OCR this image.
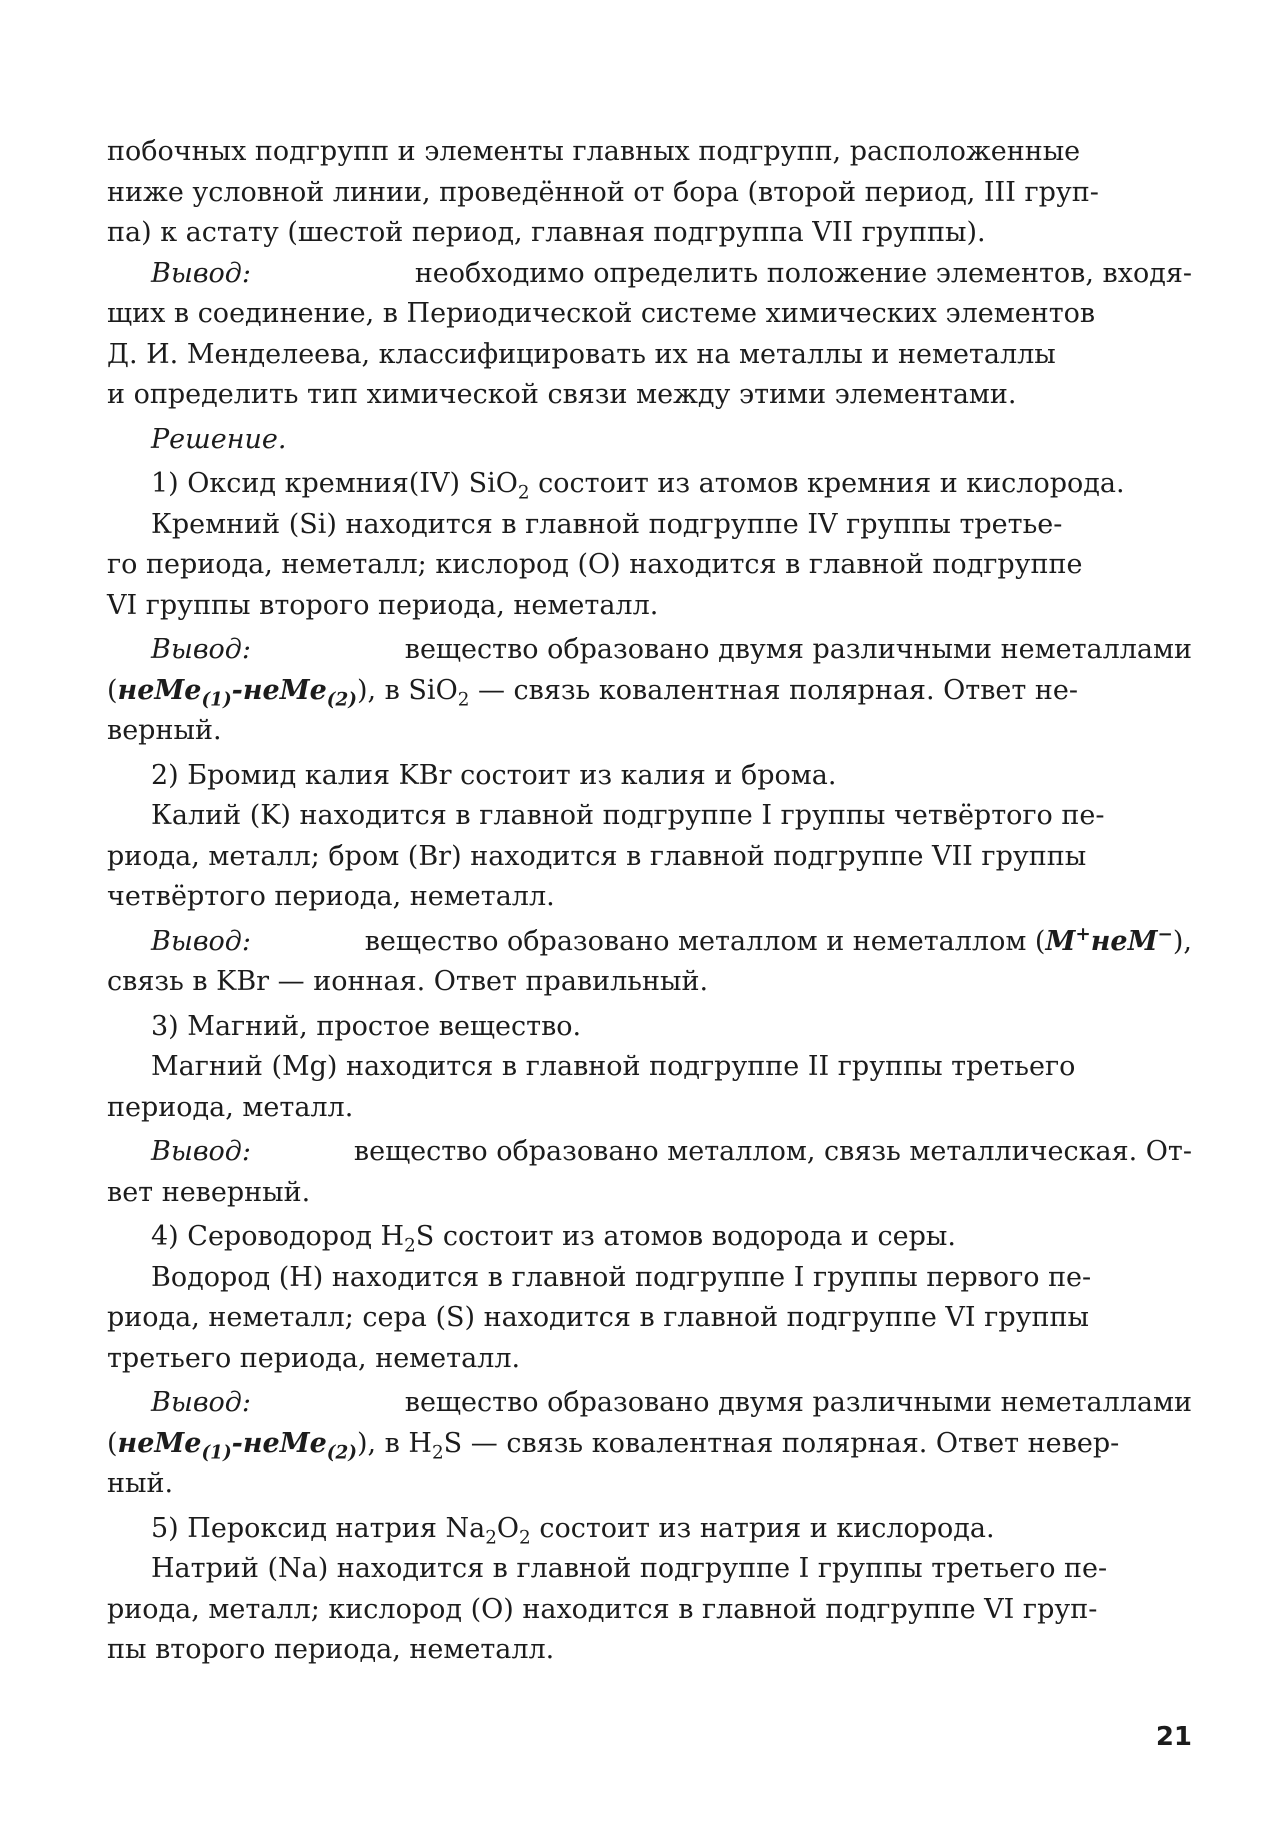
побочных подгрупп и элементы главных подгрупп, расположенные
ниже условной линии, проведённой от бора (второй период, III груп-
па) к астату (шестой период, главная подгруппа VII группы).
Вывод:	необходимо определить положение элементов, входя-
щих в соединение, в Периодической системе химических элементов
Д. И. Менделеева, классифицировать их на металлы и неметаллы
и определить тип химической связи между этими элементами.
Решение.
1) Оксид кремния(IV) SiO$_2$ состоит из атомов кремния и кислорода.
Кремний (Si) находится в главной подгруппе IV группы третье-
го периода, неметалл; кислород (O) находится в главной подгруппе
VI группы второго периода, неметалл.
Вывод:	вещество образовано двумя различными неметаллами
(неМе$_{(1)}$-неМе$_{(2)}$), в SiO$_2$ — связь ковалентная полярная. Ответ не-
верный.
2) Бромид калия KBr состоит из калия и брома.
Калий (K) находится в главной подгруппе I группы четвёртого пе-
риода, металл; бром (Br) находится в главной подгруппе VII группы
четвёртого периода, неметалл.
Вывод:	вещество образовано металлом и неметаллом (M+неМ−),
связь в KBr — ионная. Ответ правильный.
3) Магний, простое вещество.
Магний (Mg) находится в главной подгруппе II группы третьего
периода, металл.
Вывод:	вещество образовано металлом, связь металлическая. От-
вет неверный.
4) Сероводород $H_2S$ состоит из атомов водорода и серы.
Водород (H) находится в главной подгруппе I группы первого пе-
риода, неметалл; сера (S) находится в главной подгруппе VI группы
третьего периода, неметалл.
Вывод:	вещество образовано двумя различными неметаллами
(неМе$_{(1)}$-неМе$_{(2)}$), в $H_2S$ — связь ковалентная полярная. Ответ невер-
ный.
5) Пероксид натрия $Na_2O_2$ состоит из натрия и кислорода.
Натрий (Na) находится в главной подгруппе I группы третьего пе-
риода, металл; кислород (O) находится в главной подгруппе VI груп-
пы второго периода, неметалл.
21
